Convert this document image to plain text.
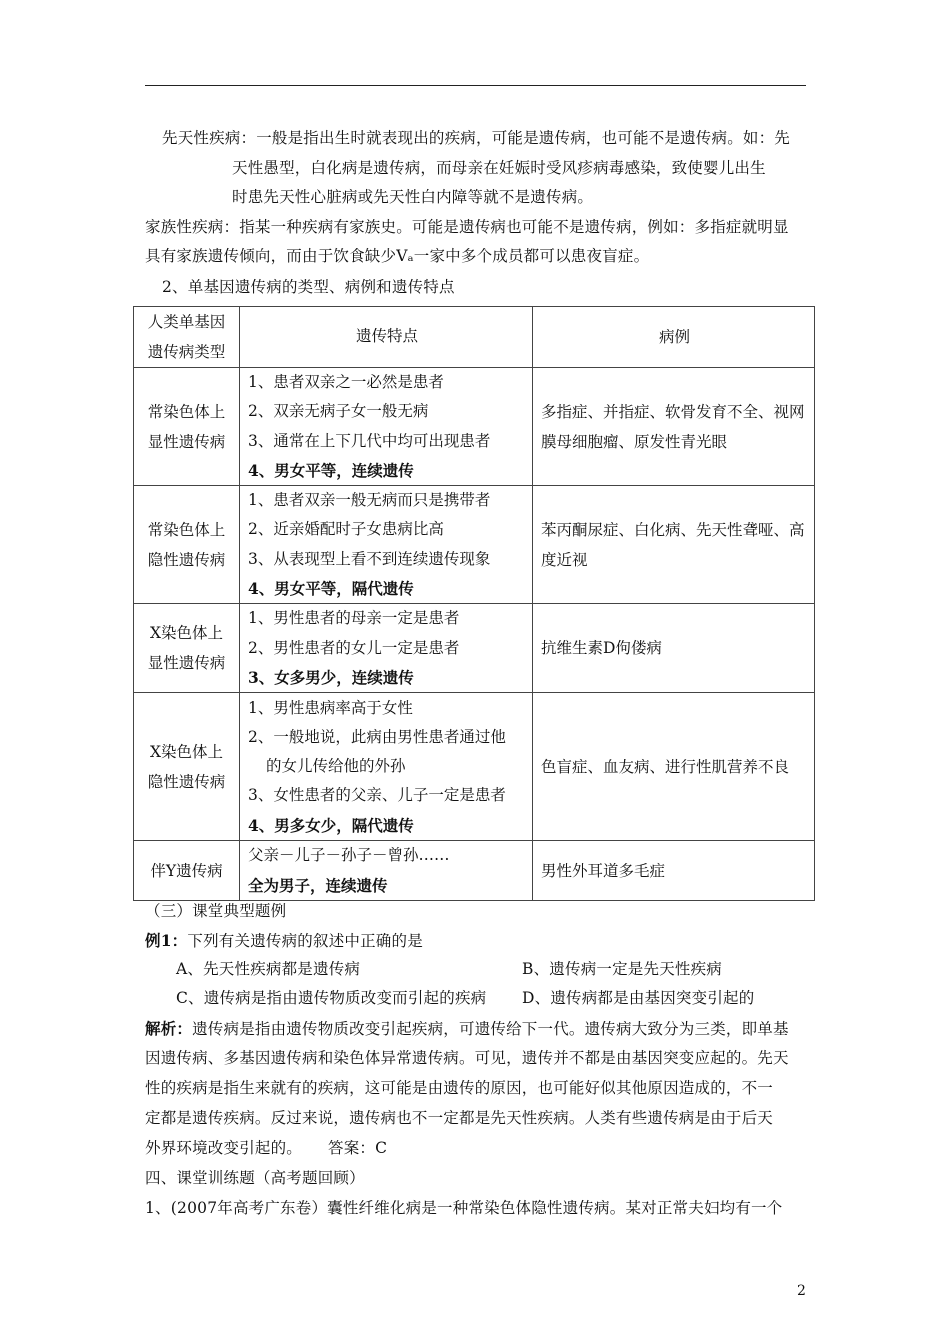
先天性疾病：一般是指出生时就表现出的疾病，可能是遗传病，也可能不是遗传病。如：先
天性愚型，白化病是遗传病，而母亲在妊娠时受风疹病毒感染，致使婴儿出生
时患先天性心脏病或先天性白内障等就不是遗传病。
家族性疾病：指某一种疾病有家族史。可能是遗传病也可能不是遗传病，例如：多指症就明显
具有家族遗传倾向，而由于饮食缺少Vₐ一家中多个成员都可以患夜盲症。
2、单基因遗传病的类型、病例和遗传特点
人类单基因
遗传病类型	遗传特点	病例

常染色体上
显性遗传病	1、患者双亲之一必然是患者
2、双亲无病子女一般无病
3、通常在上下几代中均可出现患者
4、男女平等，连续遗传	多指症、并指症、软骨发育不全、视网
膜母细胞瘤、原发性青光眼

常染色体上
隐性遗传病	1、患者双亲一般无病而只是携带者
2、近亲婚配时子女患病比高
3、从表现型上看不到连续遗传现象
4、男女平等，隔代遗传	苯丙酮尿症、白化病、先天性聋哑、高
度近视

X染色体上
显性遗传病	1、男性患者的母亲一定是患者
2、男性患者的女儿一定是患者
3、女多男少，连续遗传	抗维生素D佝偻病

X染色体上
隐性遗传病	1、男性患病率高于女性
2、一般地说，此病由男性患者通过他
的女儿传给他的外孙
3、女性患者的父亲、儿子一定是患者
4、男多女少，隔代遗传	色盲症、血友病、进行性肌营养不良

伴Y遗传病	父亲－儿子－孙子－曾孙……
全为男子，连续遗传	男性外耳道多毛症
（三）课堂典型题例
例1：下列有关遗传病的叙述中正确的是
A、先天性疾病都是遗传病	B、遗传病一定是先天性疾病
C、遗传病是指由遗传物质改变而引起的疾病 D、遗传病都是由基因突变引起的
解析：遗传病是指由遗传物质改变引起疾病，可遗传给下一代。遗传病大致分为三类，即单基
因遗传病、多基因遗传病和染色体异常遗传病。可见，遗传并不都是由基因突变应起的。先天
性的疾病是指生来就有的疾病，这可能是由遗传的原因，也可能好似其他原因造成的，不一
定都是遗传疾病。反过来说，遗传病也不一定都是先天性疾病。人类有些遗传病是由于后天
外界环境改变引起的。 答案：C
四、课堂训练题（高考题回顾）
1、(2007年高考广东卷）囊性纤维化病是一种常染色体隐性遗传病。某对正常夫妇均有一个
2
